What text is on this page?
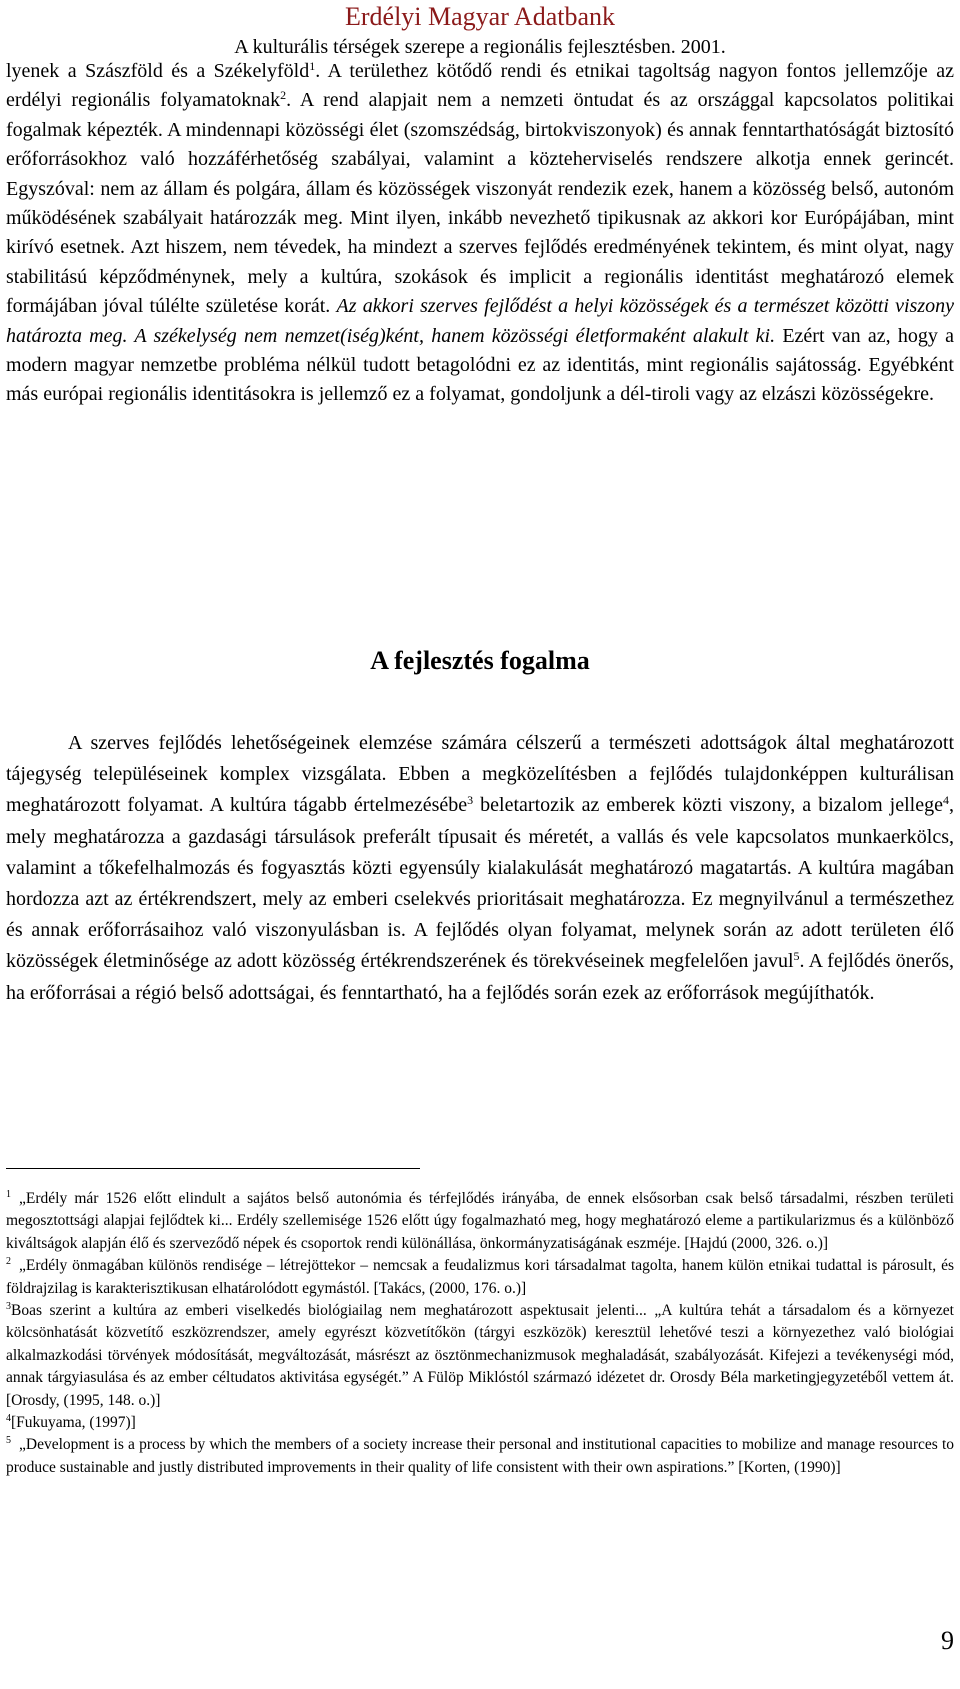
Erdélyi Magyar Adatbank
A kulturális térségek szerepe a regionális fejlesztésben. 2001.

lyenek a Szászföld és a Székelyföld$^1$. A területhez kötődő rendi és etnikai tagoltság nagyon fontos jellemzője az erdélyi regionális folyamatoknak$^2$. A rend alapjait nem a nemzeti öntudat és az országgal kapcsolatos politikai fogalmak képezték. A mindennapi közösségi élet (szomszédság, birtokviszonyok) és annak fenntarthatóságát biztosító erőforrásokhoz való hozzáférhetőség szabályai, valamint a közteherviselés rendszere alkotja ennek gerincét. Egyszóval: nem az állam és polgára, állam és közösségek viszonyát rendezik ezek, hanem a közösség belső, autonóm működésének szabályait határozzák meg. Mint ilyen, inkább nevezhető tipikusnak az akkori kor Európájában, mint kirívó esetnek. Azt hiszem, nem tévedek, ha mindezt a szerves fejlődés eredményének tekintem, és mint olyat, nagy stabilitású képződménynek, mely a kultúra, szokások és implicit a regionális identitást meghatározó elemek formájában jóval túlélte születése korát. Az akkori szerves fejlődést a helyi közösségek és a természet közötti viszony határozta meg. A székelység nem nemzet(iség)ként, hanem közösségi életformaként alakult ki. Ezért van az, hogy a modern magyar nemzetbe probléma nélkül tudott betagolódni ez az identitás, mint regionális sajátosság. Egyébként más európai regionális identitásokra is jellemző ez a folyamat, gondoljunk a dél-tiroli vagy az elzászi közösségekre.

A fejlesztés fogalma

A szerves fejlődés lehetőségeinek elemzése számára célszerű a természeti adottságok által meghatározott tájegység településeinek komplex vizsgálata. Ebben a megközelítésben a fejlődés tulajdonképpen kulturálisan meghatározott folyamat. A kultúra tágabb értelmezésébe$^3$ beletartozik az emberek közti viszony, a bizalom jellege$^4$, mely meghatározza a gazdasági társulások preferált típusait és méretét, a vallás és vele kapcsolatos munkaerkölcs, valamint a tőkefelhalmozás és fogyasztás közti egyensúly kialakulását meghatározó magatartás. A kultúra magában hordozza azt az értékrendszert, mely az emberi cselekvés prioritásait meghatározza. Ez megnyilvánul a természethez és annak erőforrásaihoz való viszonyulásban is. A fejlődés olyan folyamat, melynek során az adott területen élő közösségek életminősége az adott közösség értékrendszerének és törekvéseinek megfelelően javul$^5$. A fejlődés önerős, ha erőforrásai a régió belső adottságai, és fenntartható, ha a fejlődés során ezek az erőforrások megújíthatók.

$^1$ „Erdély már 1526 előtt elindult a sajátos belső autonómia és térfejlődés irányába, de ennek elsősorban csak belső társadalmi, részben területi megosztottsági alapjai fejlődtek ki... Erdély szellemisége 1526 előtt úgy fogalmazható meg, hogy meghatározó eleme a partikularizmus és a különböző kiváltságok alapján élő és szerveződő népek és csoportok rendi különállása, önkormányzatiságának eszméje. [Hajdú (2000, 326. o.)]

$^2$ „Erdély önmagában különös rendisége – létrejöttekor – nemcsak a feudalizmus kori társadalmat tagolta, hanem külön etnikai tudattal is párosult, és földrajzilag is karakterisztikusan elhatárolódott egymástól. [Takács, (2000, 176. o.)]

$^3$Boas szerint a kultúra az emberi viselkedés biológiailag nem meghatározott aspektusait jelenti... „A kultúra tehát a társadalom és a környezet kölcsönhatását közvetítő eszközrendszer, amely egyrészt közvetítőkön (tárgyi eszközök) keresztül lehetővé teszi a környezethez való biológiai alkalmazkodási törvények módosítását, megváltozását, másrészt az ösztönmechanizmusok meghaladását, szabályozását. Kifejezi a tevékenységi mód, annak tárgyiasulása és az ember céltudatos aktivitása egységét.” A Fülöp Miklóstól származó idézetet dr. Orosdy Béla marketingjegyzetéből vettem át. [Orosdy, (1995, 148. o.)]

$^4$[Fukuyama, (1997)]

$^5$ „Development is a process by which the members of a society increase their personal and institutional capacities to mobilize and manage resources to produce sustainable and justly distributed improvements in their quality of life consistent with their own aspirations.” [Korten, (1990)]

9
